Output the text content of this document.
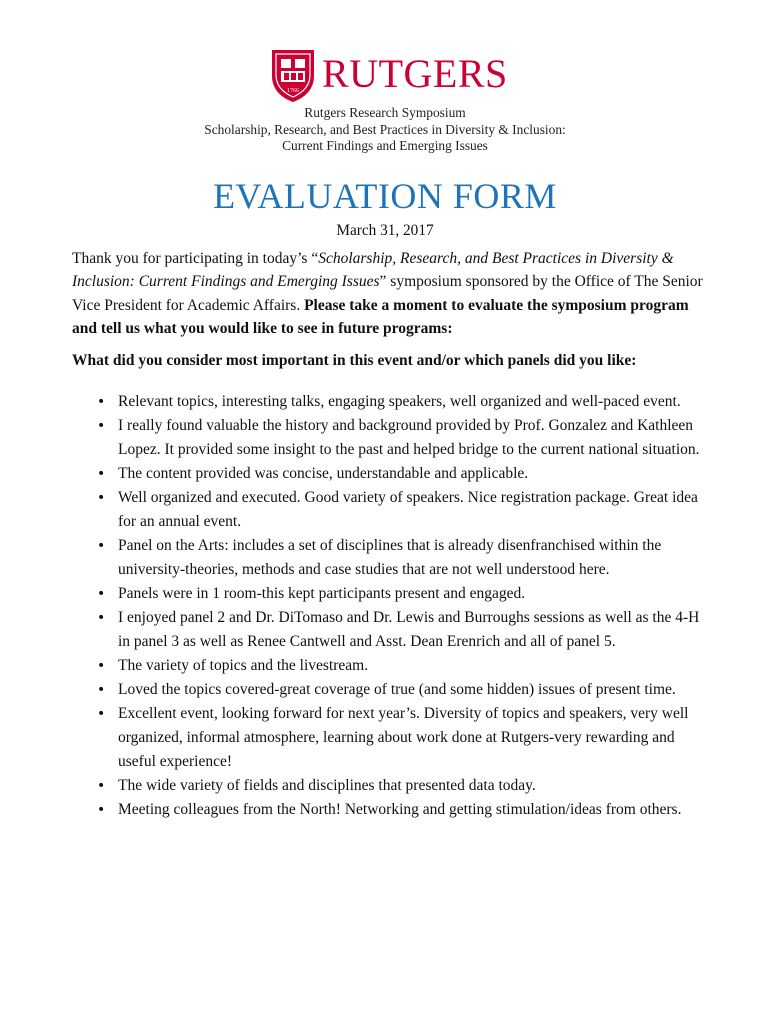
1766 RUTGERS
Rutgers Research Symposium
Scholarship, Research, and Best Practices in Diversity & Inclusion:
Current Findings and Emerging Issues
EVALUATION FORM
March 31, 2017

Thank you for participating in today’s “Scholarship, Research, and Best Practices in Diversity & Inclusion: Current Findings and Emerging Issues” symposium sponsored by the Office of The Senior Vice President for Academic Affairs. Please take a moment to evaluate the symposium program and tell us what you would like to see in future programs:

What did you consider most important in this event and/or which panels did you like:
• Relevant topics, interesting talks, engaging speakers, well organized and well-paced event.
• I really found valuable the history and background provided by Prof. Gonzalez and Kathleen Lopez. It provided some insight to the past and helped bridge to the current national situation.
• The content provided was concise, understandable and applicable.
• Well organized and executed. Good variety of speakers. Nice registration package. Great idea for an annual event.
• Panel on the Arts: includes a set of disciplines that is already disenfranchised within the university-theories, methods and case studies that are not well understood here.
• Panels were in 1 room-this kept participants present and engaged.
• I enjoyed panel 2 and Dr. DiTomaso and Dr. Lewis and Burroughs sessions as well as the 4-H in panel 3 as well as Renee Cantwell and Asst. Dean Erenrich and all of panel 5.
• The variety of topics and the livestream.
• Loved the topics covered-great coverage of true (and some hidden) issues of present time.
• Excellent event, looking forward for next year’s. Diversity of topics and speakers, very well organized, informal atmosphere, learning about work done at Rutgers-very rewarding and useful experience!
• The wide variety of fields and disciplines that presented data today.
• Meeting colleagues from the North! Networking and getting stimulation/ideas from others.
